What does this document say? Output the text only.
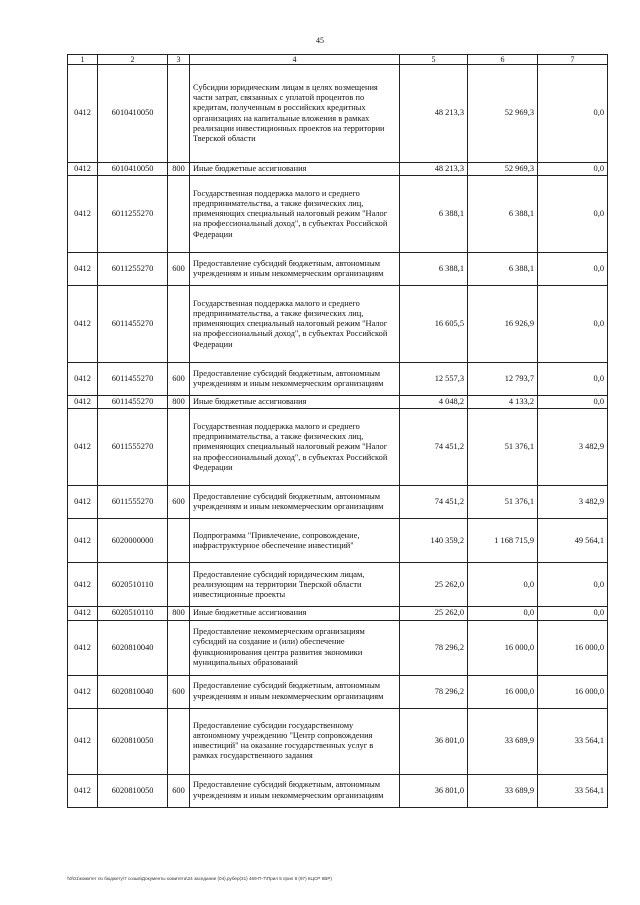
45
1	2	3	4	5	6	7
0412	6010410050		Субсидии юридическим лицам в целях возмещения части затрат, связанных с уплатой процентов по кредитам, полученным в российских кредитных организациях на капитальные вложения в рамках реализации инвестиционных проектов на территории Тверской области	48 213,3	52 969,3	0,0
0412	6010410050	800	Иные бюджетные ассигнования	48 213,3	52 969,3	0,0
0412	6011255270		Государственная поддержка малого и среднего предпринимательства, а также физических лиц, применяющих специальный налоговый режим "Налог на профессиональный доход", в субъектах Российской Федерации	6 388,1	6 388,1	0,0
0412	6011255270	600	Предоставление субсидий бюджетным, автономным учреждениям и иным некоммерческим организациям	6 388,1	6 388,1	0,0
0412	6011455270		Государственная поддержка малого и среднего предпринимательства, а также физических лиц, применяющих специальный налоговый режим "Налог на профессиональный доход", в субъектах Российской Федерации	16 605,5	16 926,9	0,0
0412	6011455270	600	Предоставление субсидий бюджетным, автономным учреждениям и иным некоммерческим организациям	12 557,3	12 793,7	0,0
0412	6011455270	800	Иные бюджетные ассигнования	4 048,2	4 133,2	0,0
0412	6011555270		Государственная поддержка малого и среднего предпринимательства, а также физических лиц, применяющих специальный налоговый режим "Налог на профессиональный доход", в субъектах Российской Федерации	74 451,2	51 376,1	3 482,9
0412	6011555270	600	Предоставление субсидий бюджетным, автономным учреждениям и иным некоммерческим организациям	74 451,2	51 376,1	3 482,9
0412	6020000000		Подпрограмма "Привлечение, сопровождение, инфраструктурное обеспечение инвестиций"	140 359,2	1 168 715,9	49 564,1
0412	6020510110		Предоставление субсидий юридическим лицам, реализующим на территории Тверской области инвестиционные проекты	25 262,0	0,0	0,0
0412	6020510110	800	Иные бюджетные ассигнования	25 262,0	0,0	0,0
0412	6020810040		Предоставление некоммерческим организациям субсидий на создание и (или) обеспечение функционирования центра развития экономики муниципальных образований	78 296,2	16 000,0	16 000,0
0412	6020810040	600	Предоставление субсидий бюджетным, автономным учреждениям и иным некоммерческим организациям	78 296,2	16 000,0	16 000,0
0412	6020810050		Предоставление субсидии государственному автономному учреждению "Центр сопровождения инвестиций" на оказание государственных услуг в рамках государственного задания	36 801,0	33 689,9	33 564,1
0412	6020810050	600	Предоставление субсидий бюджетным, автономным учреждениям и иным некоммерческим организациям	36 801,0	33 689,9	33 564,1
\\0\01\комитет по бюджету\7 созыв\Документы комитета\24 заседание (04).рубер(31) 469-П-7\Прил 5 прил 8 (97) КЦСР КВР)
